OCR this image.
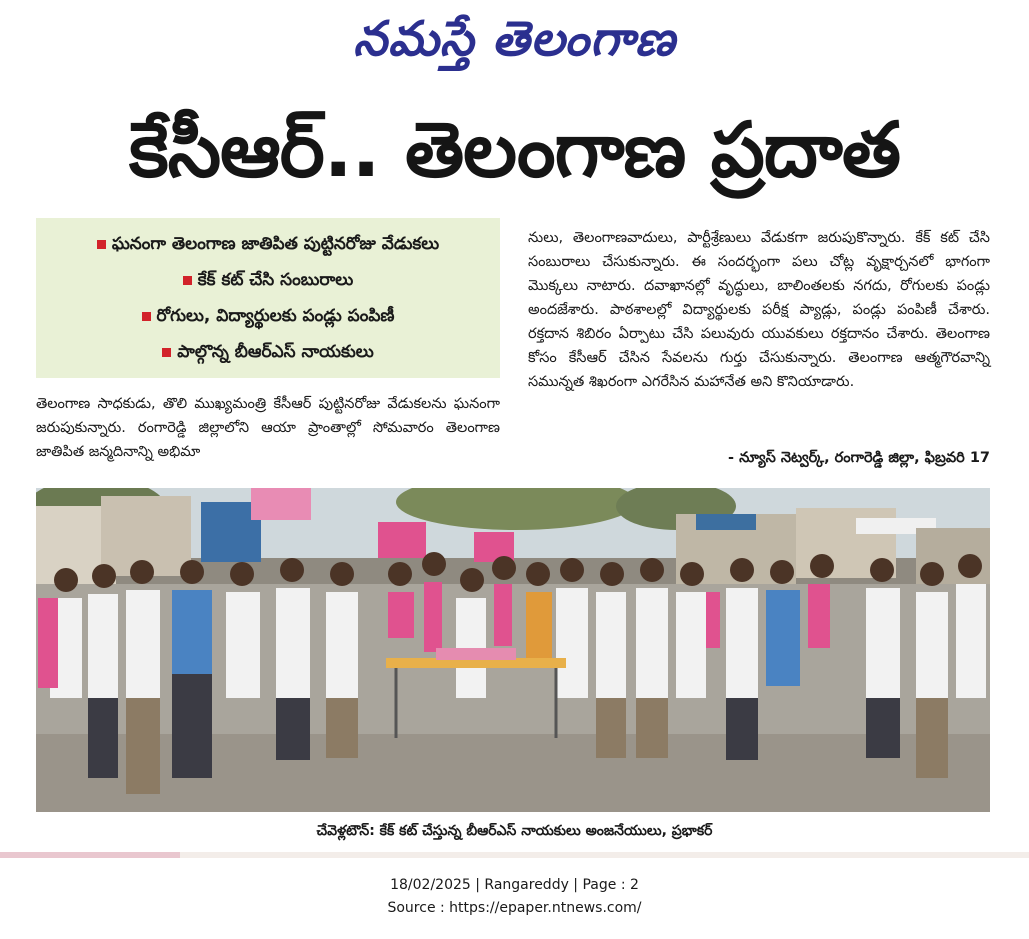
నమస్తే తెలంగాణ
కేసీఆర్.. తెలంగాణ ప్రదాత
ఘనంగా తెలంగాణ జాతిపిత పుట్టినరోజు వేడుకలు
కేక్ కట్ చేసి సంబురాలు
రోగులు, విద్యార్థులకు పండ్లు పంపిణీ
పాల్గొన్న బీఆర్ఎస్ నాయకులు
తెలంగాణ సాధకుడు, తొలి ముఖ్యమంత్రి కేసీఆర్ పుట్టినరోజు వేడుకలను ఘనంగా జరుపుకున్నారు. రంగారెడ్డి జిల్లాలోని ఆయా ప్రాంతాల్లో సోమవారం తెలంగాణ జాతిపిత జన్మదినాన్ని అభిమా
నులు, తెలంగాణవాదులు, పార్టీశ్రేణులు వేడుకగా జరుపుకొన్నారు. కేక్ కట్ చేసి సంబురాలు చేసుకున్నారు. ఈ సందర్భంగా పలు చోట్ల వృక్షార్చనలో భాగంగా మొక్కలు నాటారు. దవాఖానల్లో వృద్ధులు, బాలింతలకు నగదు, రోగులకు పండ్లు అందజేశారు. పాఠశాలల్లో విద్యార్థులకు పరీక్ష ప్యాడ్లు, పండ్లు పంపిణీ చేశారు. రక్తదాన శిబిరం ఏర్పాటు చేసి పలువురు యువకులు రక్తదానం చేశారు. తెలంగాణ కోసం కేసీఆర్ చేసిన సేవలను గుర్తు చేసుకున్నారు. తెలంగాణ ఆత్మగౌరవాన్ని సమున్నత శిఖరంగా ఎగరేసిన మహానేత అని కొనియాడారు.
- న్యూస్ నెట్వర్క్, రంగారెడ్డి జిల్లా, ఫిబ్రవరి 17
చేవెళ్లటౌన్: కేక్ కట్ చేస్తున్న బీఆర్ఎస్ నాయకులు అంజనేయులు, ప్రభాకర్
18/02/2025 | Rangareddy | Page : 2
Source : https://epaper.ntnews.com/
